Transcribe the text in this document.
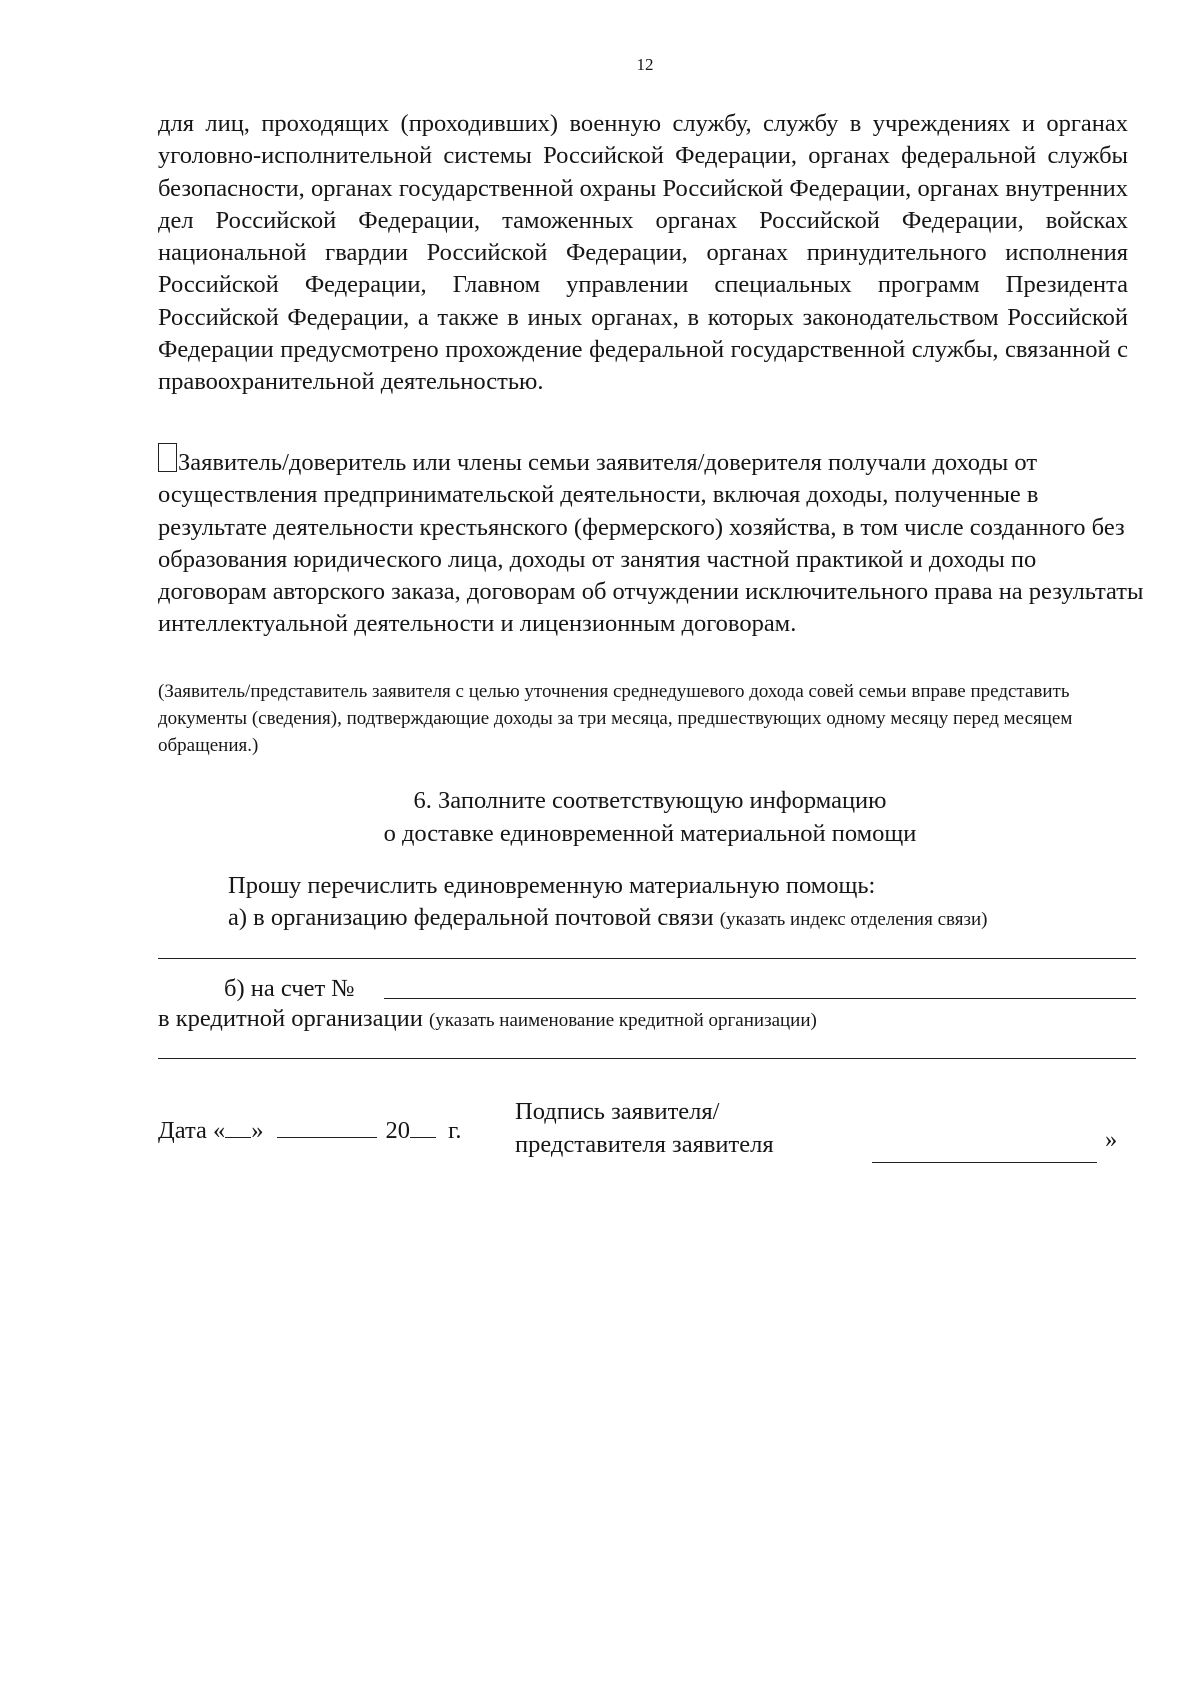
12

для лиц, проходящих (проходивших) военную службу, службу в учреждениях и органах уголовно-исполнительной системы Российской Федерации, органах федеральной службы безопасности, органах государственной охраны Российской Федерации, органах внутренних дел Российской Федерации, таможенных органах Российской Федерации, войсках национальной гвардии Российской Федерации, органах принудительного исполнения Российской Федерации, Главном управлении специальных программ Президента Российской Федерации, а также в иных органах, в которых законодательством Российской Федерации предусмотрено прохождение федеральной государственной службы, связанной с правоохранительной деятельностью.

Заявитель/доверитель или члены семьи заявителя/доверителя получали доходы от осуществления предпринимательской деятельности, включая доходы, полученные в результате деятельности крестьянского (фермерского) хозяйства, в том числе созданного без образования юридического лица, доходы от занятия частной практикой и доходы по договорам авторского заказа, договорам об отчуждении исключительного права на результаты интеллектуальной деятельности и лицензионным договорам.

(Заявитель/представитель заявителя с целью уточнения среднедушевого дохода совей семьи вправе представить документы (сведения), подтверждающие доходы за три месяца, предшествующих одному месяцу перед месяцем обращения.)

6. Заполните соответствующую информацию
о доставке единовременной материальной помощи

Прошу перечислить единовременную материальную помощь:

а) в организацию федеральной почтовой связи (указать индекс отделения связи)

б) на счет №

в кредитной организации (указать наименование кредитной организации)

Дата « »	20 г.
Подпись заявителя/
представителя заявителя	»
